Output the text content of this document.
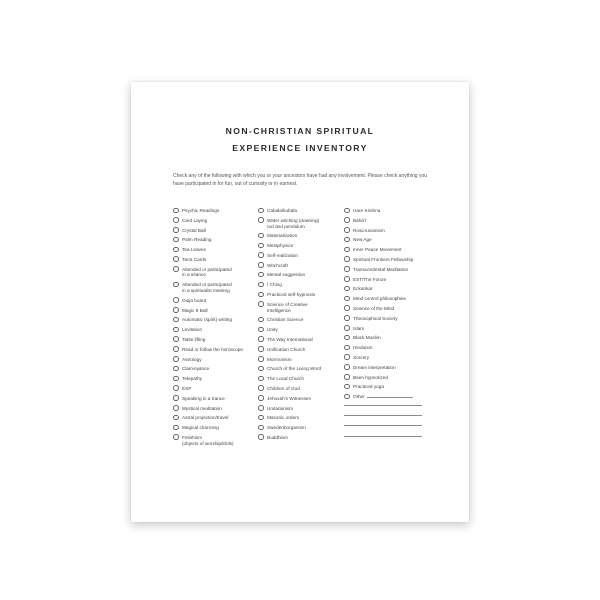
NON-CHRISTIAN SPIRITUAL
EXPERIENCE INVENTORY

Check any of the following with which you or your ancestors have had any involvement. Please check anything you have participated in for fun, out of curiosity or in earnest.

Psychic Readings
Card Laying
Crystal Ball
Palm Reading
Tea Leaves
Tarot Cards
Attended or participated
in a séance
Attended or participated
in a spiritualist meeting
Ouija board
Magic 8 Ball
Automatic (spirit) writing
Levitation
Table lifting
Read or follow the horoscope
Astrology
Clairvoyance
Telepathy
ESP
Speaking in a trance
Mystical meditation
Astral projection/travel
Magical charming
Fetishism
(objects of worship/idols)
Cabala/kubala
Water witching (dowsing)
rod and pendulum
Materialization
Metaphysics
Self-realization
Witchcraft
Mental suggestion
I Ching
Practiced self-hypnosis
Science of Creative
Intelligence
Christian Science
Unity
The Way International
Unification Church
Mormonism
Church of the Living Word
The Local Church
Children of God
Jehovah's Witnesses
Unitarianism
Masonic orders
Swedenborganism
Buddhism
Hare Krishna
Bahá'í
Rosicrucianism
New Age
Inner Peace Movement
Spiritual Frontiers Fellowship
Transcendental Meditation
EST/The Forum
Eckankar
Mind control philosophies
Science of the Mind
Theosophical Society
Islam
Black Muslim
Hinduism
Sorcery
Dream interpretation
Been hypnotized
Practiced yoga
Other
